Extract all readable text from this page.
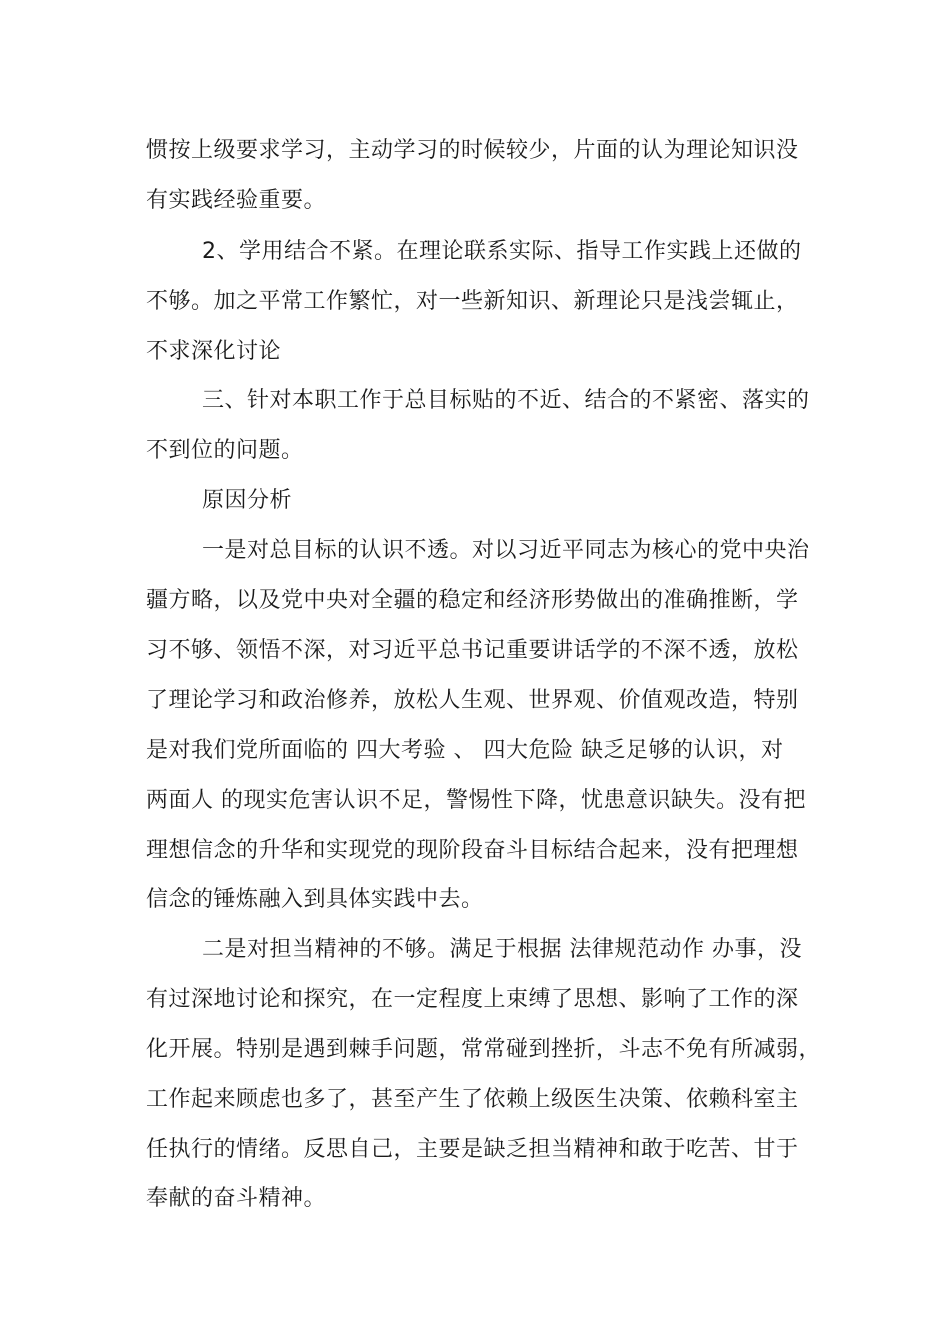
惯按上级要求学习，主动学习的时候较少，片面的认为理论知识没
有实践经验重要。
2、学用结合不紧。在理论联系实际、指导工作实践上还做的
不够。加之平常工作繁忙，对一些新知识、新理论只是浅尝辄止，
不求深化讨论
三、针对本职工作于总目标贴的不近、结合的不紧密、落实的
不到位的问题。
原因分析
一是对总目标的认识不透。对以习近平同志为核心的党中央治
疆方略，以及党中央对全疆的稳定和经济形势做出的准确推断，学
习不够、领悟不深，对习近平总书记重要讲话学的不深不透，放松
了理论学习和政治修养，放松人生观、世界观、价值观改造，特别
是对我们党所面临的 四大考验 、 四大危险 缺乏足够的认识，对
两面人 的现实危害认识不足，警惕性下降，忧患意识缺失。没有把
理想信念的升华和实现党的现阶段奋斗目标结合起来，没有把理想
信念的锤炼融入到具体实践中去。
二是对担当精神的不够。满足于根据 法律规范动作 办事，没
有过深地讨论和探究，在一定程度上束缚了思想、影响了工作的深
化开展。特别是遇到棘手问题，常常碰到挫折，斗志不免有所减弱，
工作起来顾虑也多了，甚至产生了依赖上级医生决策、依赖科室主
任执行的情绪。反思自己，主要是缺乏担当精神和敢于吃苦、甘于
奉献的奋斗精神。
